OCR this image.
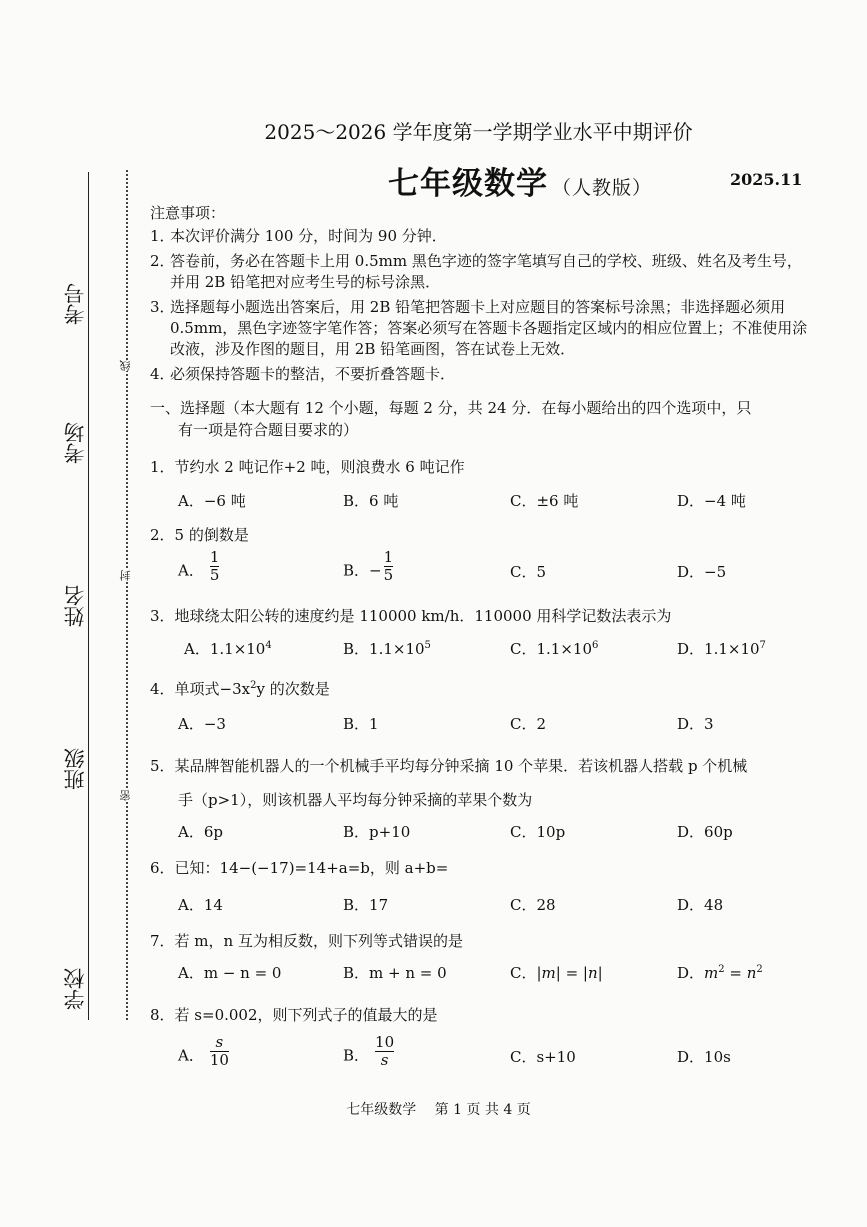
考号
考场
姓名
班级
学校
线
封
密
2025～2026 学年度第一学期学业水平中期评价
七年级数学 （人教版）	2025.11

注意事项：

1．
本次评价满分 100 分，时间为 90 分钟．
2．
答卷前，务必在答题卡上用 0.5mm 黑色字迹的签字笔填写自己的学校、班级、姓名及考生号，并用 2B 铅笔把对应考生号的标号涂黑．
3．
选择题每小题选出答案后，用 2B 铅笔把答题卡上对应题目的答案标号涂黑；非选择题必须用 0.5mm，黑色字迹签字笔作答；答案必须写在答题卡各题指定区域内的相应位置上；不准使用涂改液，涉及作图的题目，用 2B 铅笔画图，答在试卷上无效．
4．
必须保持答题卡的整洁，不要折叠答题卡．
一、选择题（本大题有 12 个小题，每题 2 分，共 24 分．在每小题给出的四个选项中，只
有一项是符合题目要求的）
1．节约水 2 吨记作+2 吨，则浪费水 6 吨记作
A．−6 吨	B．6 吨	C．±6 吨	D．−4 吨
2．5 的倒数是
A． $\frac{1}{5}$	B．− $\frac{1}{5}$	C．5	D．−5
3．地球绕太阳公转的速度约是 110000 km/h．110000 用科学记数法表示为
A．$1.1\times 10^4$	B．$1.1\times 10^5$	C．$1.1\times 10^6$	D．$1.1\times 10^7$
4．单项式$-3x^2y$ 的次数是
A．−3	B．1	C．2	D．3
5．某品牌智能机器人的一个机械手平均每分钟采摘 10 个苹果．若该机器人搭载 p 个机械
手（p>1），则该机器人平均每分钟采摘的苹果个数为
A．6p	B．p+10	C．10p	D．60p
6．已知：14−(−17)=14+a=b，则 a+b=
A．14	B．17	C．28	D．48
7．若 m，n 互为相反数，则下列等式错误的是
A．m − n = 0	B．m + n = 0	C．|m| = |n|	D．$m^2 = n^2$
8．若 s=0.002，则下列式子的值最大的是
A． $\frac{s}{10}$	B． $\frac{10}{s}$	C．s+10	D．10s
七年级数学　 第 1 页 共 4 页
